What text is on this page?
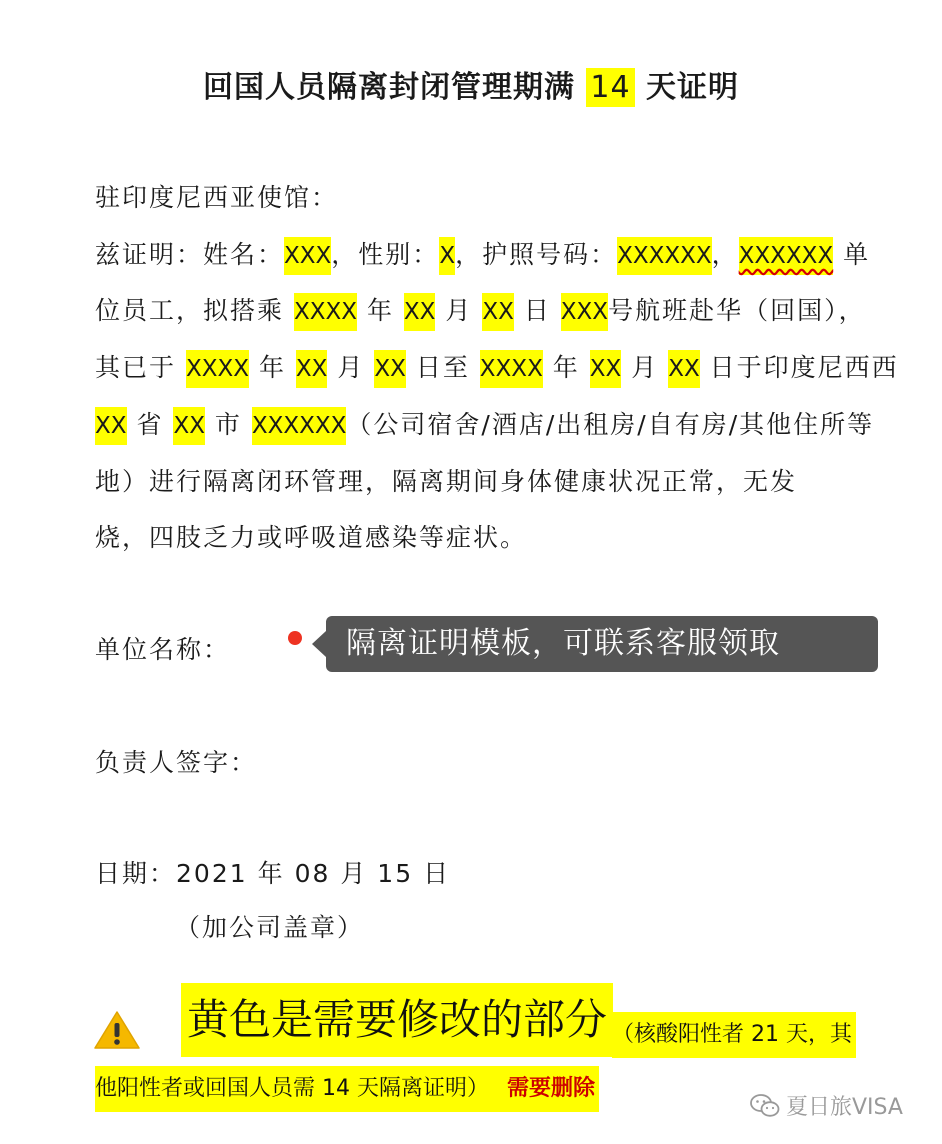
回国人员隔离封闭管理期满 14 天证明
驻印度尼西亚使馆：
兹证明：姓名：XXX，性别：X，护照号码：XXXXXX，XXXXXX 单
位员工，拟搭乘 XXXX 年 XX 月 XX 日 XXX号航班赴华（回国），
其已于 XXXX 年 XX 月 XX 日至 XXXX 年 XX 月 XX 日于印度尼西西
XX 省 XX 市 XXXXXX（公司宿舍/酒店/出租房/自有房/其他住所等
地）进行隔离闭环管理，隔离期间身体健康状况正常，无发
烧，四肢乏力或呼吸道感染等症状。
单位名称：	隔离证明模板，可联系客服领取
负责人签字：
日期：2021 年 08 月 15 日
（加公司盖章）
黄色是需要修改的部分 （核酸阳性者 21 天，其
他阳性者或回国人员需 14 天隔离证明） 需要删除
夏日旅VISA
